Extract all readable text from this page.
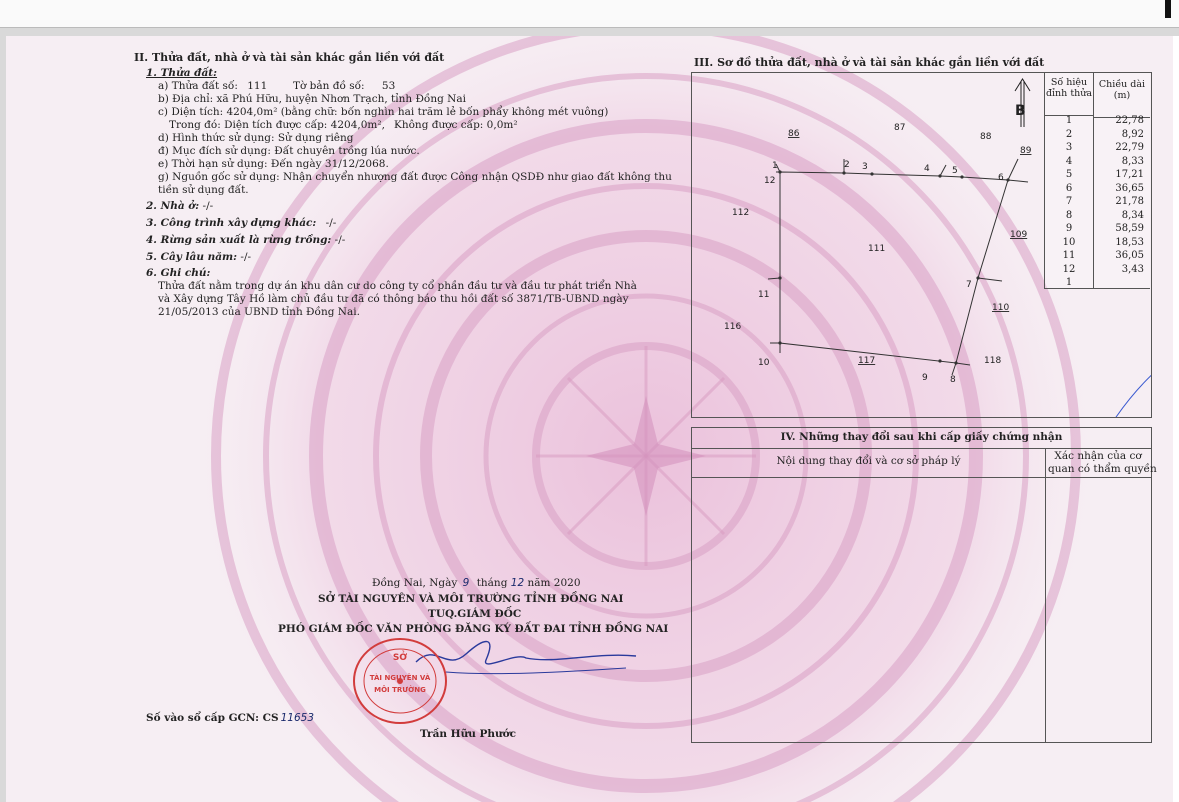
II. Thửa đất, nhà ở và tài sản khác gắn liền với đất
1. Thửa đất:
a) Thửa đất số: 111 Tờ bản đồ số: 53
b) Địa chỉ: xã Phú Hữu, huyện Nhơn Trạch, tỉnh Đồng Nai
c) Diện tích: 4204,0m² (bằng chữ: bốn nghìn hai trăm lẻ bốn phẩy không mét vuông)
Trong đó: Diện tích được cấp: 4204,0m², Không được cấp: 0,0m²
d) Hình thức sử dụng: Sử dụng riêng
đ) Mục đích sử dụng: Đất chuyên trồng lúa nước.
e) Thời hạn sử dụng: Đến ngày 31/12/2068.
g) Nguồn gốc sử dụng: Nhận chuyển nhượng đất được Công nhận QSDĐ như giao đất không thu
tiền sử dụng đất.
2. Nhà ở: -/-
3. Công trình xây dựng khác: -/-
4. Rừng sản xuất là rừng trồng: -/-
5. Cây lâu năm: -/-
6. Ghi chú:
Thửa đất nằm trong dự án khu dân cư do công ty cổ phần đầu tư và đầu tư phát triển Nhà
và Xây dựng Tây Hồ làm chủ đầu tư đã có thông báo thu hồi đất số 3871/TB-UBND ngày
21/05/2013 của UBND tỉnh Đồng Nai.
Đồng Nai, Ngày 9 tháng 12 năm 2020
SỞ TÀI NGUYÊN VÀ MÔI TRƯỜNG TỈNH ĐỒNG NAI
TUQ.GIÁM ĐỐC
PHÓ GIÁM ĐỐC VĂN PHÒNG ĐĂNG KÝ ĐẤT ĐAI TỈNH ĐỒNG NAI
SỞ
TÀI NGUYÊN VÀ
MÔI TRƯỜNG
Số vào sổ cấp GCN: CS 11653
Trần Hữu Phước
III. Sơ đồ thửa đất, nhà ở và tài sản khác gắn liền với đất
B
86
87
88
89
109
110
111
112
116
117	118
1	2 3	4 5
6
7
8
9
10
11
12
Số hiệu đỉnh thửa
Chiều dài (m)
1	22,78
2	8,92
3	22,79
4	8,33
5	17,21
6	36,65
7	21,78
8	8,34
9	58,59
10	18,53
11	36,05
12	3,43
1
IV. Những thay đổi sau khi cấp giấy chứng nhận
Nội dung thay đổi và cơ sở pháp lý	Xác nhận của cơ
quan có thẩm quyền
